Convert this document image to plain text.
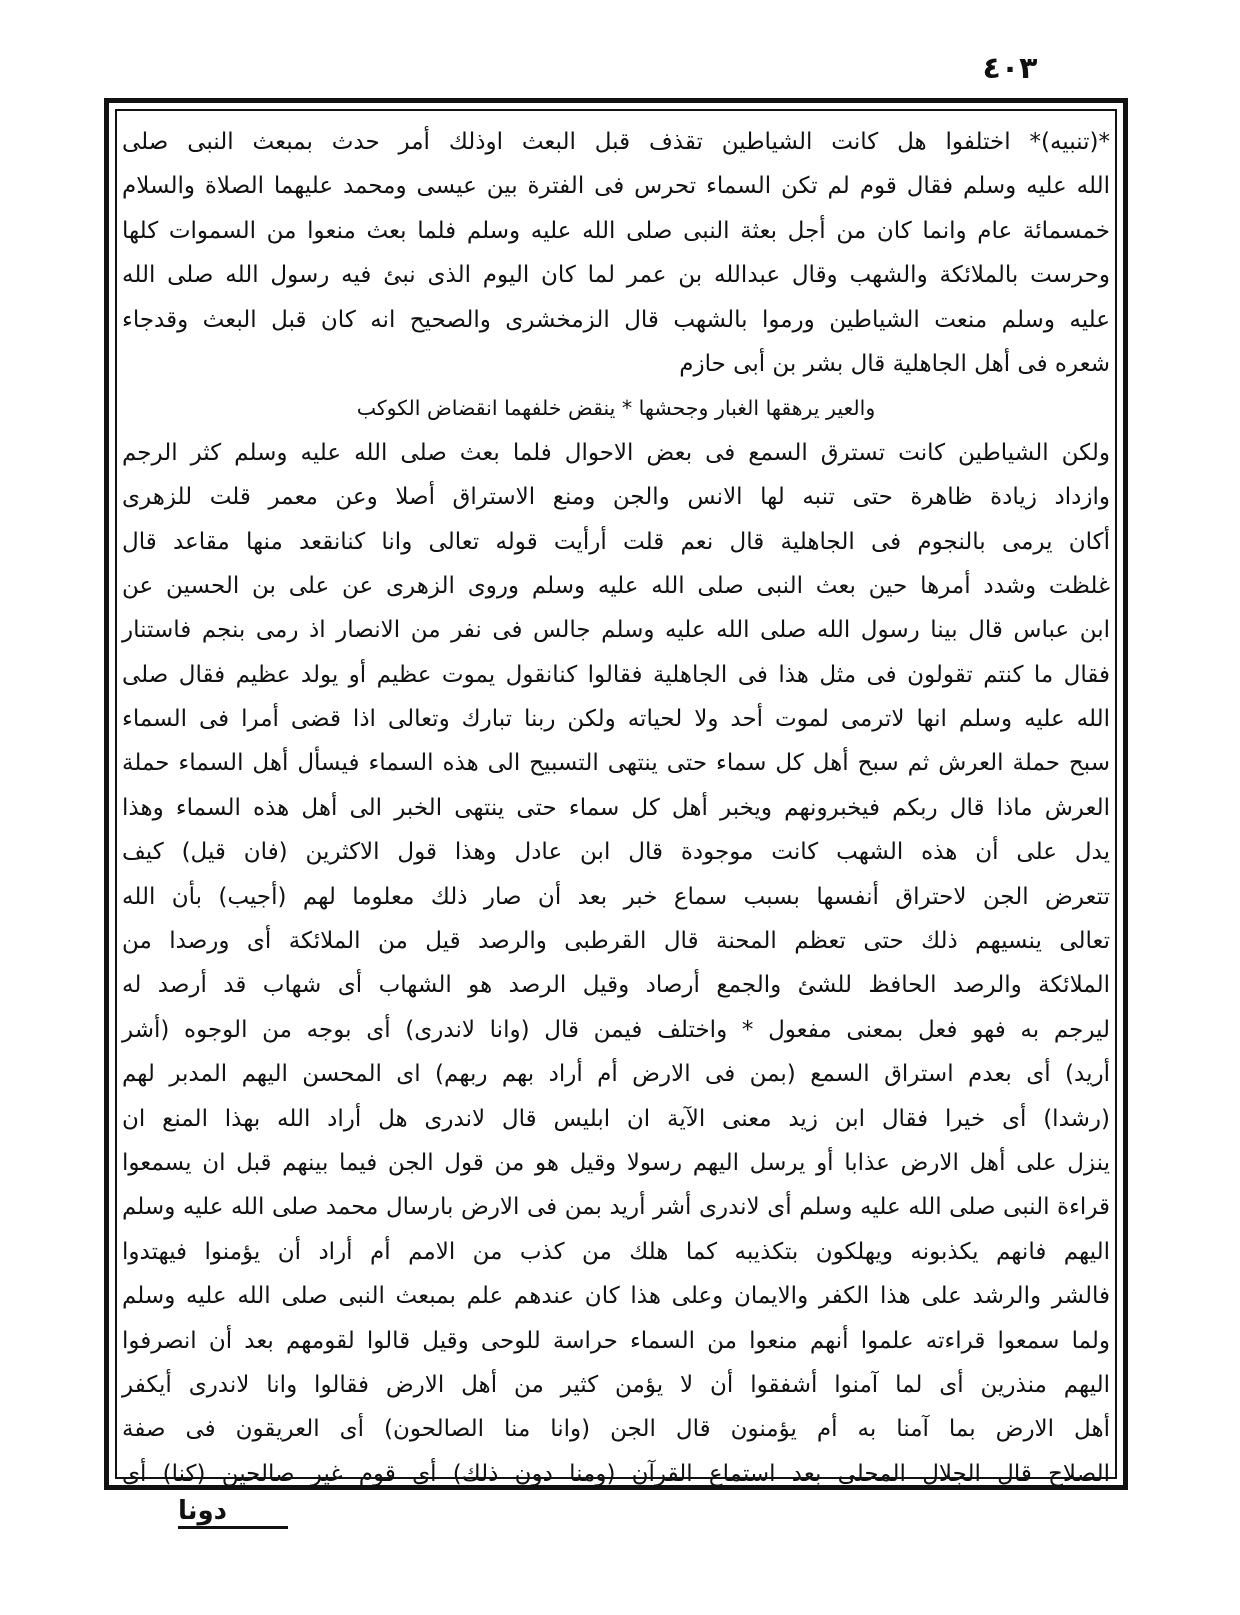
٤٠٣
*(تنبيه)* اختلفوا هل كانت الشياطين تقذف قبل البعث اوذلك أمر حدث بمبعث النبى صلى
الله عليه وسلم فقال قوم لم تكن السماء تحرس فى الفترة بين عيسى ومحمد عليهما الصلاة والسلام
خمسمائة عام وانما كان من أجل بعثة النبى صلى الله عليه وسلم فلما بعث منعوا من السموات كلها
وحرست بالملائكة والشهب وقال عبدالله بن عمر لما كان اليوم الذى نبئ فيه رسول الله صلى الله
عليه وسلم منعت الشياطين ورموا بالشهب قال الزمخشرى والصحيح انه كان قبل البعث وقدجاء
شعره فى أهل الجاهلية قال بشر بن أبى حازم
والعير يرهقها الغبار وجحشها * ينقض خلفهما انقضاض الكوكب
ولكن الشياطين كانت تسترق السمع فى بعض الاحوال فلما بعث صلى الله عليه وسلم كثر الرجم
وازداد زيادة ظاهرة حتى تنبه لها الانس والجن ومنع الاستراق أصلا وعن معمر قلت للزهرى
أكان يرمى بالنجوم فى الجاهلية قال نعم قلت أرأيت قوله تعالى وانا كنانقعد منها مقاعد قال
غلظت وشدد أمرها حين بعث النبى صلى الله عليه وسلم وروى الزهرى عن على بن الحسين عن
ابن عباس قال بينا رسول الله صلى الله عليه وسلم جالس فى نفر من الانصار اذ رمى بنجم فاستنار
فقال ما كنتم تقولون فى مثل هذا فى الجاهلية فقالوا كنانقول يموت عظيم أو يولد عظيم فقال صلى
الله عليه وسلم انها لاترمى لموت أحد ولا لحياته ولكن ربنا تبارك وتعالى اذا قضى أمرا فى السماء
سبح حملة العرش ثم سبح أهل كل سماء حتى ينتهى التسبيح الى هذه السماء فيسأل أهل السماء حملة
العرش ماذا قال ربكم فيخبرونهم ويخبر أهل كل سماء حتى ينتهى الخبر الى أهل هذه السماء وهذا
يدل على أن هذه الشهب كانت موجودة قال ابن عادل وهذا قول الاكثرين (فان قيل) كيف
تتعرض الجن لاحتراق أنفسها بسبب سماع خبر بعد أن صار ذلك معلوما لهم (أجيب) بأن الله
تعالى ينسيهم ذلك حتى تعظم المحنة قال القرطبى والرصد قيل من الملائكة أى ورصدا من
الملائكة والرصد الحافظ للشئ والجمع أرصاد وقيل الرصد هو الشهاب أى شهاب قد أرصد له
ليرجم به فهو فعل بمعنى مفعول * واختلف فيمن قال (وانا لاندرى) أى بوجه من الوجوه (أشر
أريد) أى بعدم استراق السمع (بمن فى الارض أم أراد بهم ربهم) اى المحسن اليهم المدبر لهم
(رشدا) أى خيرا فقال ابن زيد معنى الآية ان ابليس قال لاندرى هل أراد الله بهذا المنع ان
ينزل على أهل الارض عذابا أو يرسل اليهم رسولا وقيل هو من قول الجن فيما بينهم قبل ان يسمعوا
قراءة النبى صلى الله عليه وسلم أى لاندرى أشر أريد بمن فى الارض بارسال محمد صلى الله عليه وسلم
اليهم فانهم يكذبونه ويهلكون بتكذيبه كما هلك من كذب من الامم أم أراد أن يؤمنوا فيهتدوا
فالشر والرشد على هذا الكفر والايمان وعلى هذا كان عندهم علم بمبعث النبى صلى الله عليه وسلم
ولما سمعوا قراءته علموا أنهم منعوا من السماء حراسة للوحى وقيل قالوا لقومهم بعد أن انصرفوا
اليهم منذرين أى لما آمنوا أشفقوا أن لا يؤمن كثير من أهل الارض فقالوا وانا لاندرى أيكفر
أهل الارض بما آمنا به أم يؤمنون قال الجن (وانا منا الصالحون) أى العريقون فى صفة
الصلاح قال الجلال المحلى بعد استماع القرآن (ومنا دون ذلك) أى قوم غير صالحين (كنا) أى
دونا
